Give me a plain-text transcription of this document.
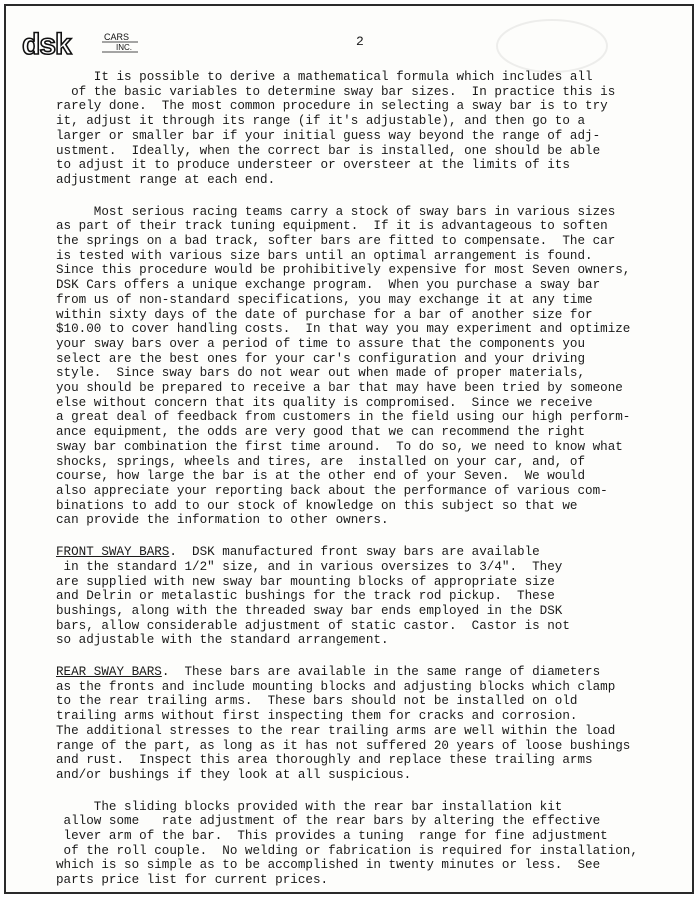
dsk	CARS
INC.	2
It is possible to derive a mathematical formula which includes all
of the basic variables to determine sway bar sizes.  In practice this is
rarely done.  The most common procedure in selecting a sway bar is to try
it, adjust it through its range (if it's adjustable), and then go to a
larger or smaller bar if your initial guess way beyond the range of adj-
ustment.  Ideally, when the correct bar is installed, one should be able
to adjust it to produce understeer or oversteer at the limits of its
adjustment range at each end.
Most serious racing teams carry a stock of sway bars in various sizes
as part of their track tuning equipment.  If it is advantageous to soften
the springs on a bad track, softer bars are fitted to compensate.  The car
is tested with various size bars until an optimal arrangement is found.
Since this procedure would be prohibitively expensive for most Seven owners,
DSK Cars offers a unique exchange program.  When you purchase a sway bar
from us of non-standard specifications, you may exchange it at any time
within sixty days of the date of purchase for a bar of another size for
$10.00 to cover handling costs.  In that way you may experiment and optimize
your sway bars over a period of time to assure that the components you
select are the best ones for your car's configuration and your driving
style.  Since sway bars do not wear out when made of proper materials,
you should be prepared to receive a bar that may have been tried by someone
else without concern that its quality is compromised.  Since we receive
a great deal of feedback from customers in the field using our high perform-
ance equipment, the odds are very good that we can recommend the right
sway bar combination the first time around.  To do so, we need to know what
shocks, springs, wheels and tires, are  installed on your car, and, of
course, how large the bar is at the other end of your Seven.  We would
also appreciate your reporting back about the performance of various com-
binations to add to our stock of knowledge on this subject so that we
can provide the information to other owners.
FRONT SWAY BARS.  DSK manufactured front sway bars are available
in the standard 1/2" size, and in various oversizes to 3/4".  They
are supplied with new sway bar mounting blocks of appropriate size
and Delrin or metalastic bushings for the track rod pickup.  These
bushings, along with the threaded sway bar ends employed in the DSK
bars, allow considerable adjustment of static castor.  Castor is not
so adjustable with the standard arrangement.
REAR SWAY BARS.  These bars are available in the same range of diameters
as the fronts and include mounting blocks and adjusting blocks which clamp
to the rear trailing arms.  These bars should not be installed on old
trailing arms without first inspecting them for cracks and corrosion.
The additional stresses to the rear trailing arms are well within the load
range of the part, as long as it has not suffered 20 years of loose bushings
and rust.  Inspect this area thoroughly and replace these trailing arms
and/or bushings if they look at all suspicious.
The sliding blocks provided with the rear bar installation kit
allow some   rate adjustment of the rear bars by altering the effective
lever arm of the bar.  This provides a tuning  range for fine adjustment
of the roll couple.  No welding or fabrication is required for installation,
which is so simple as to be accomplished in twenty minutes or less.  See
parts price list for current prices.
